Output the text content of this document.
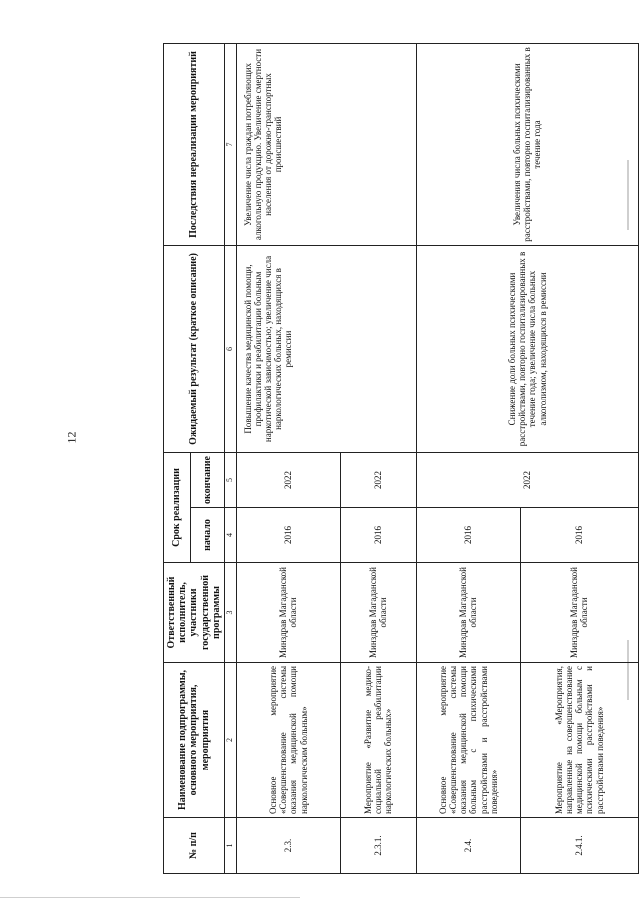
12
№ п/п	Наименование подпрограммы, основного мероприятия, мероприятия	Ответственный исполнитель, участники государственной программы	Срок реализации		Ожидаемый результат (краткое описание)	Последствия нереализации мероприятий
			начало	окончание		
1	2	3	4	5	6	7
2.3.	Основное мероприятие «Совершенствование системы оказания медицинской помощи наркологическим больным»	Минздрав Магаданской области	2016	2022	Повышение качества медицинской помощи, профилактики и реабилитации больным наркотической зависимостью; увеличение числа наркологических больных, находящихся в ремиссии	Увеличение числа граждан потребляющих алкогольную продукцию. Увеличение смертности населения от дорожно-транспортных происшествий
2.3.1.	Мероприятие «Развитие медико-социальной реабилитации наркологических больных»	Минздрав Магаданской области	2016	2022		
2.4.	Основное мероприятие «Совершенствование системы оказания медицинской помощи больным с психическими расстройствами и расстройствами поведения»	Минздрав Магаданской области	2016	2022	Снижение доли больных психическими расстройствами, повторно госпитализированных в течение года; увеличение числа больных алкоголизмом, находящихся в ремиссии	Увеличения числа больных психическими расстройствами, повторно госпитализированных в течение года
2.4.1.	Мероприятие «Мероприятия, направленные на совершенствование медицинской помощи больным с психическими расстройствами и расстройствами поведения»	Минздрав Магаданской области	2016			
